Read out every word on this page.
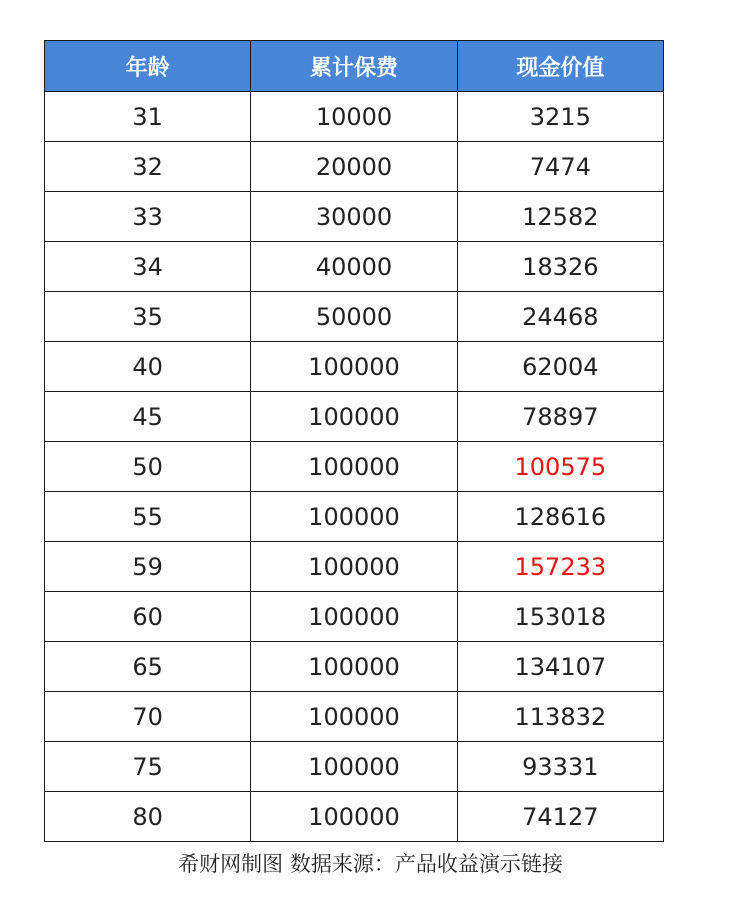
年龄	累计保费	现金价值
31	10000	3215
32	20000	7474
33	30000	12582
34	40000	18326
35	50000	24468
40	100000	62004
45	100000	78897
50	100000	100575
55	100000	128616
59	100000	157233
60	100000	153018
65	100000	134107
70	100000	113832
75	100000	93331
80	100000	74127
希财网制图 数据来源：产品收益演示链接
